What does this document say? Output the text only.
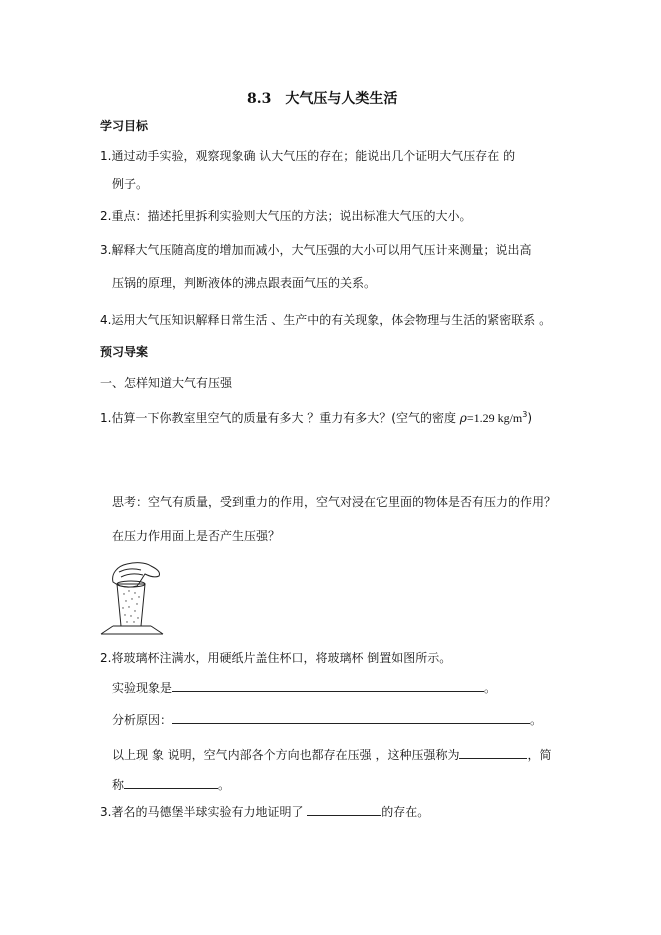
8.3　大气压与人类生活
学习目标
1.通过动手实验，观察现象确 认大气压的存在；能说出几个证明大气压存在 的
例子。
2.重点：描述托里拆利实验则大气压的方法；说出标准大气压的大小。
3.解释大气压随高度的增加而减小，大气压强的大小可以用气压计来测量；说出高
压锅的原理，判断液体的沸点跟表面气压的关系。
4.运用大气压知识解释日常生活 、生产中的有关现象，体会物理与生活的紧密联系 。
预习导案
一、怎样知道大气有压强
1.估算一下你教室里空气的质量有多大 ？重力有多大？(空气的密度 ρ=1.29 $kg/m^3$)
思考：空气有质量，受到重力的作用，空气对浸在它里面的物体是否有压力的作用？
在压力作用面上是否产生压强？
2.将玻璃杯注满水，用硬纸片盖住杯口，将玻璃杯 倒置如图所示。
实验现象是	。
分析原因：	。
以上现 象 说明，空气内部各个方向也都存在压强 ，这种压强称为	，简
称	。
3.著名的马德堡半球实验有力地证明了	的存在。
